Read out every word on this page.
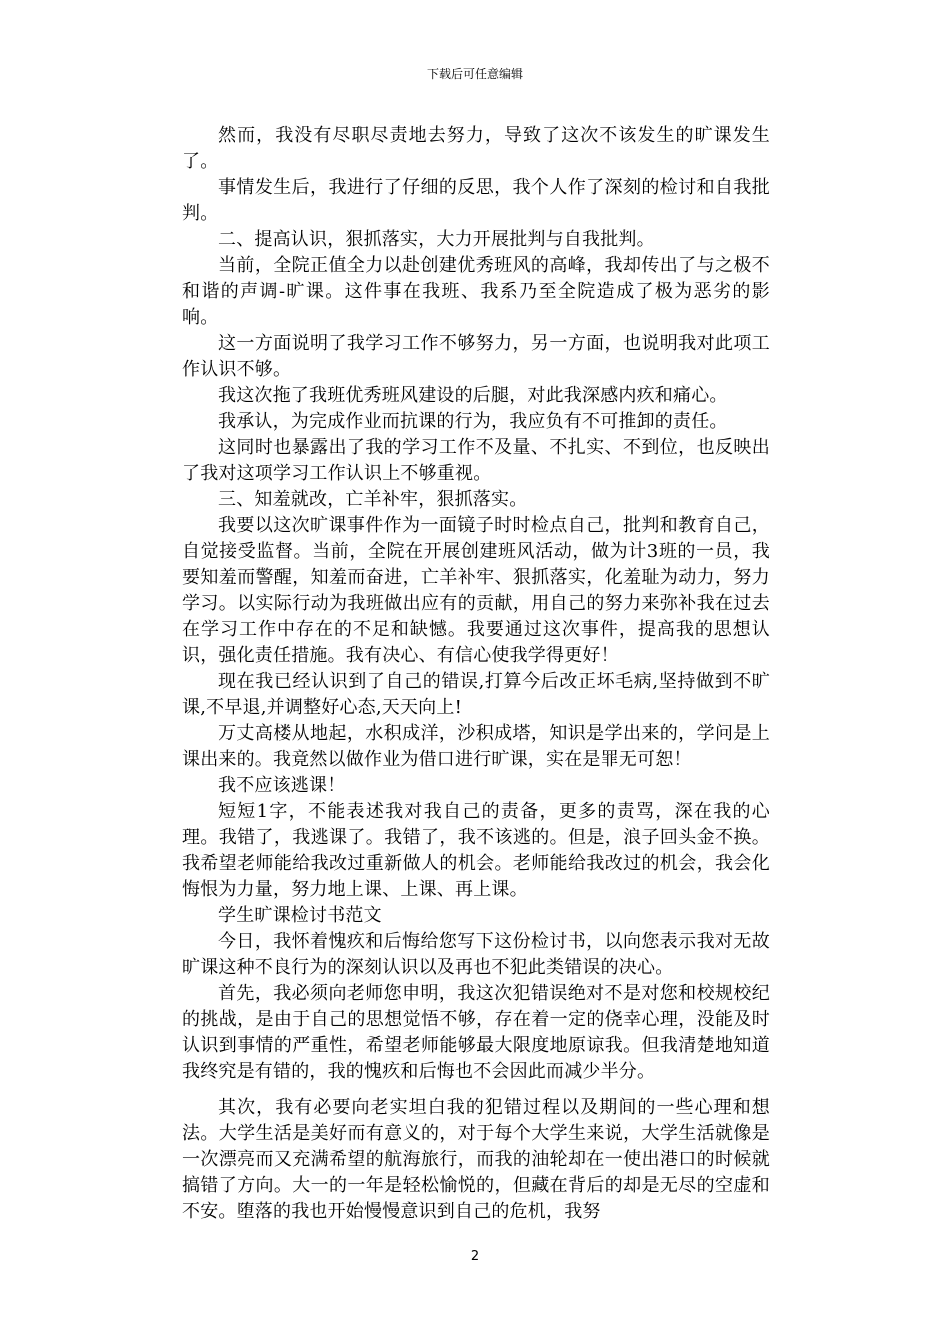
下载后可任意编辑

然而，我没有尽职尽责地去努力，导致了这次不该发生的旷课发生了。

事情发生后，我进行了仔细的反思，我个人作了深刻的检讨和自我批判。

二、提高认识，狠抓落实，大力开展批判与自我批判。

当前，全院正值全力以赴创建优秀班风的高峰，我却传出了与之极不和谐的声调-旷课。这件事在我班、我系乃至全院造成了极为恶劣的影响。

这一方面说明了我学习工作不够努力，另一方面，也说明我对此项工作认识不够。

我这次拖了我班优秀班风建设的后腿，对此我深感内疚和痛心。

我承认，为完成作业而抗课的行为，我应负有不可推卸的责任。

这同时也暴露出了我的学习工作不及量、不扎实、不到位，也反映出了我对这项学习工作认识上不够重视。

三、知羞就改，亡羊补牢，狠抓落实。

我要以这次旷课事件作为一面镜子时时检点自己，批判和教育自己，自觉接受监督。当前，全院在开展创建班风活动，做为计3班的一员，我要知羞而警醒，知羞而奋进，亡羊补牢、狠抓落实，化羞耻为动力，努力学习。以实际行动为我班做出应有的贡献，用自己的努力来弥补我在过去在学习工作中存在的不足和缺憾。我要通过这次事件，提高我的思想认识，强化责任措施。我有决心、有信心使我学得更好！

现在我已经认识到了自己的错误,打算今后改正坏毛病,坚持做到不旷课,不早退,并调整好心态,天天向上!

万丈高楼从地起，水积成洋，沙积成塔，知识是学出来的，学问是上课出来的。我竟然以做作业为借口进行旷课，实在是罪无可恕！

我不应该逃课！

短短1字，不能表述我对我自己的责备，更多的责骂，深在我的心理。我错了，我逃课了。我错了，我不该逃的。但是，浪子回头金不换。我希望老师能给我改过重新做人的机会。老师能给我改过的机会，我会化悔恨为力量，努力地上课、上课、再上课。

学生旷课检讨书范文

今日，我怀着愧疚和后悔给您写下这份检讨书，以向您表示我对无故旷课这种不良行为的深刻认识以及再也不犯此类错误的决心。

首先，我必须向老师您申明，我这次犯错误绝对不是对您和校规校纪的挑战，是由于自己的思想觉悟不够，存在着一定的侥幸心理，没能及时认识到事情的严重性，希望老师能够最大限度地原谅我。但我清楚地知道我终究是有错的，我的愧疚和后悔也不会因此而减少半分。

其次，我有必要向老实坦白我的犯错过程以及期间的一些心理和想法。大学生活是美好而有意义的，对于每个大学生来说，大学生活就像是一次漂亮而又充满希望的航海旅行，而我的油轮却在一使出港口的时候就搞错了方向。大一的一年是轻松愉悦的，但藏在背后的却是无尽的空虚和不安。堕落的我也开始慢慢意识到自己的危机，我努

2
